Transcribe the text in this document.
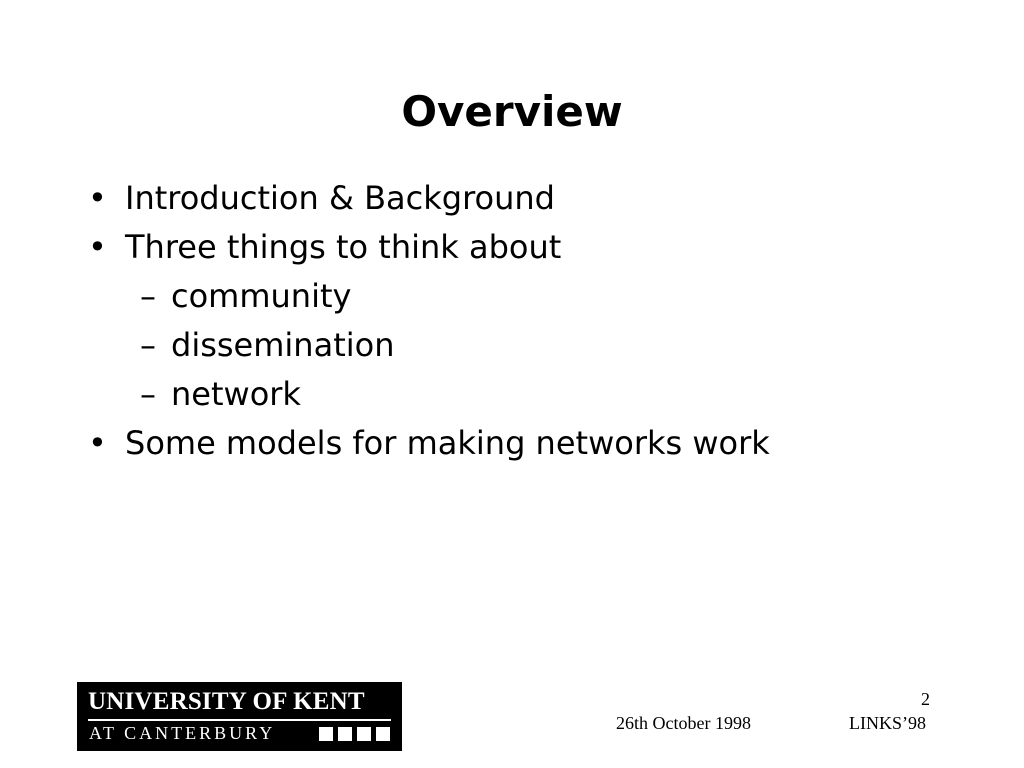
Overview
• Introduction & Background
• Three things to think about
– community
– dissemination
– network
• Some models for making networks work
UNIVERSITY OF KENT
AT CANTERBURY
2
26th October 1998	LINKS’98
